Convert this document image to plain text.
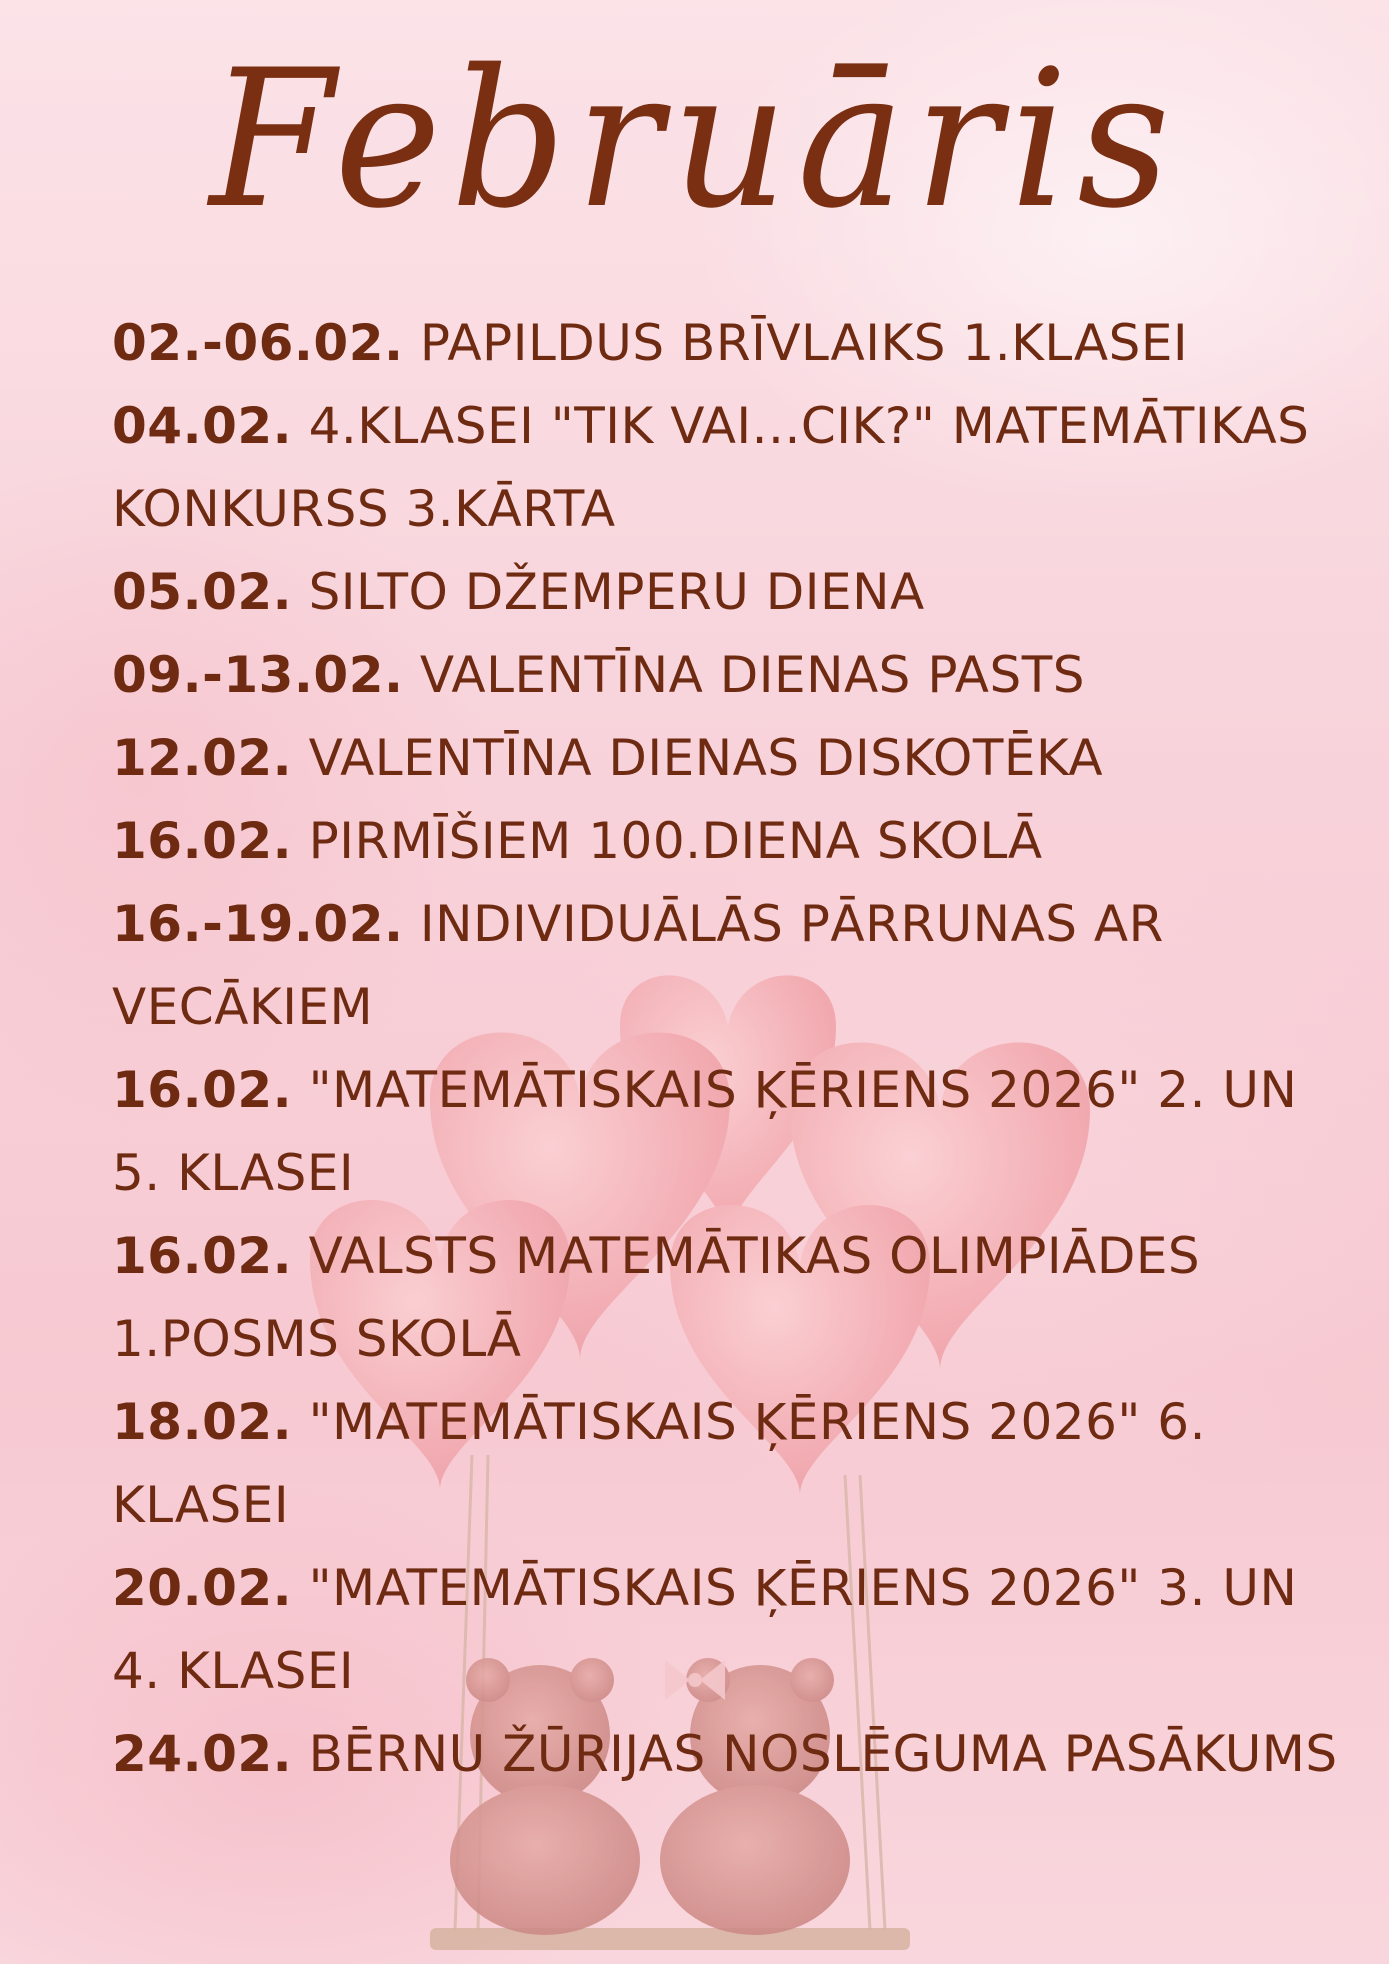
Februāris
02.-06.02. PAPILDUS BRĪVLAIKS 1.KLASEI
04.02. 4.KLASEI "TIK VAI...CIK?" MATEMĀTIKAS KONKURSS 3.KĀRTA
05.02. SILTO DŽEMPERU DIENA
09.-13.02. VALENTĪNA DIENAS PASTS
12.02. VALENTĪNA DIENAS DISKOTĒKA
16.02. PIRMĪŠIEM 100.DIENA SKOLĀ
16.-19.02. INDIVIDUĀLĀS PĀRRUNAS AR VECĀKIEM
16.02. "MATEMĀTISKAIS ĶĒRIENS 2026" 2. UN 5. KLASEI
16.02. VALSTS MATEMĀTIKAS OLIMPIĀDES 1.POSMS SKOLĀ
18.02. "MATEMĀTISKAIS ĶĒRIENS 2026" 6. KLASEI
20.02. "MATEMĀTISKAIS ĶĒRIENS 2026" 3. UN 4. KLASEI
24.02. BĒRNU ŽŪRIJAS NOSLĒGUMA PASĀKUMS
